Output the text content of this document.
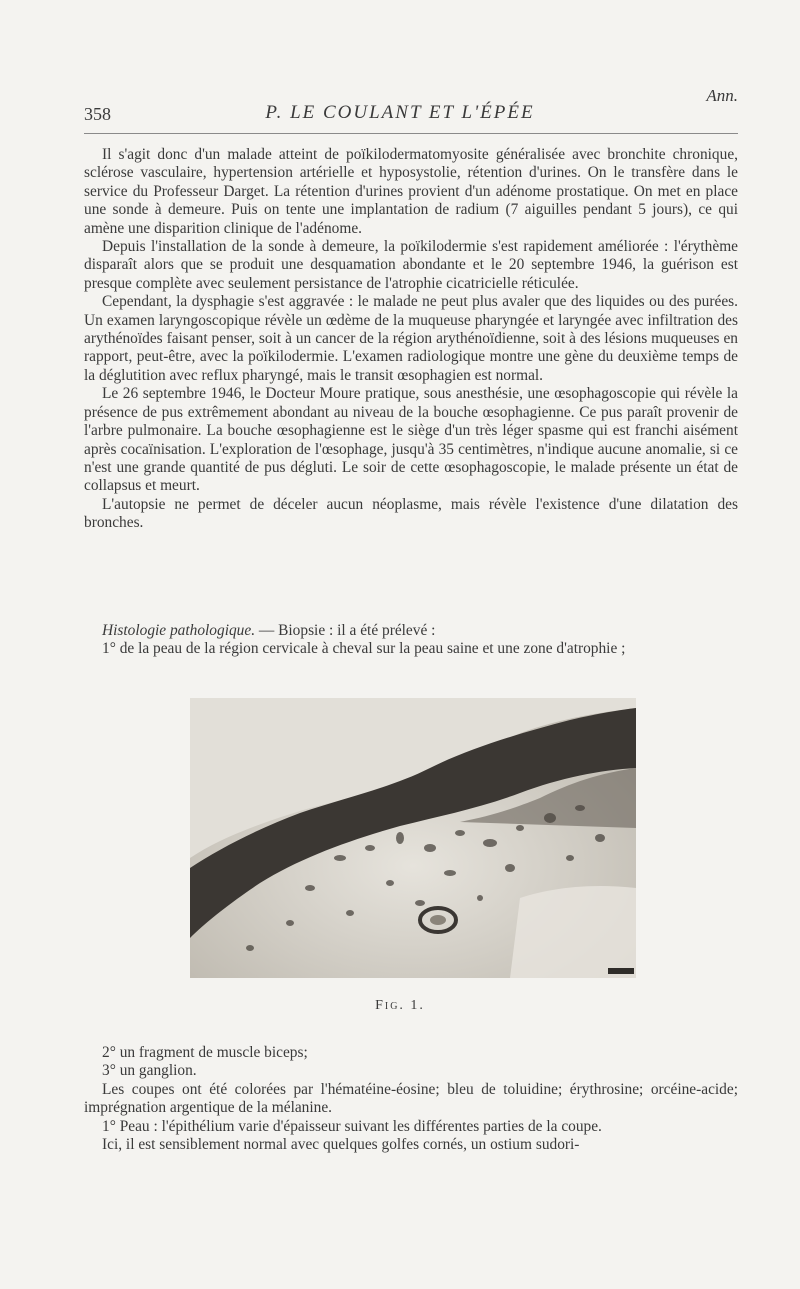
Ann.
358	P. LE COULANT ET L'ÉPÉE

Il s'agit donc d'un malade atteint de poïkilodermatomyosite généralisée avec bronchite chronique, sclérose vasculaire, hypertension artérielle et hyposystolie, rétention d'urines. On le transfère dans le service du Professeur Darget. La rétention d'urines provient d'un adénome prostatique. On met en place une sonde à demeure. Puis on tente une implantation de radium (7 aiguilles pendant 5 jours), ce qui amène une disparition clinique de l'adénome.

Depuis l'installation de la sonde à demeure, la poïkilodermie s'est rapidement améliorée : l'érythème disparaît alors que se produit une desquamation abondante et le 20 septembre 1946, la guérison est presque complète avec seulement persistance de l'atrophie cicatricielle réticulée.

Cependant, la dysphagie s'est aggravée : le malade ne peut plus avaler que des liquides ou des purées. Un examen laryngoscopique révèle un œdème de la muqueuse pharyngée et laryngée avec infiltration des arythénoïdes faisant penser, soit à un cancer de la région arythénoïdienne, soit à des lésions muqueuses en rapport, peut-être, avec la poïkilodermie. L'examen radiologique montre une gène du deuxième temps de la déglutition avec reflux pharyngé, mais le transit œsophagien est normal.

Le 26 septembre 1946, le Docteur Moure pratique, sous anesthésie, une œsophagoscopie qui révèle la présence de pus extrêmement abondant au niveau de la bouche œsophagienne. Ce pus paraît provenir de l'arbre pulmonaire. La bouche œsophagienne est le siège d'un très léger spasme qui est franchi aisément après cocaïnisation. L'exploration de l'œsophage, jusqu'à 35 centimètres, n'indique aucune anomalie, si ce n'est une grande quantité de pus dégluti. Le soir de cette œsophagoscopie, le malade présente un état de collapsus et meurt.

L'autopsie ne permet de déceler aucun néoplasme, mais révèle l'existence d'une dilatation des bronches.

Histologie pathologique. — Biopsie : il a été prélevé :

1° de la peau de la région cervicale à cheval sur la peau saine et une zone d'atrophie ;

Fig. 1.

2° un fragment de muscle biceps;

3° un ganglion.

Les coupes ont été colorées par l'hématéine-éosine; bleu de toluidine; érythrosine; orcéine-acide; imprégnation argentique de la mélanine.

1° Peau : l'épithélium varie d'épaisseur suivant les différentes parties de la coupe.

Ici, il est sensiblement normal avec quelques golfes cornés, un ostium sudori-
